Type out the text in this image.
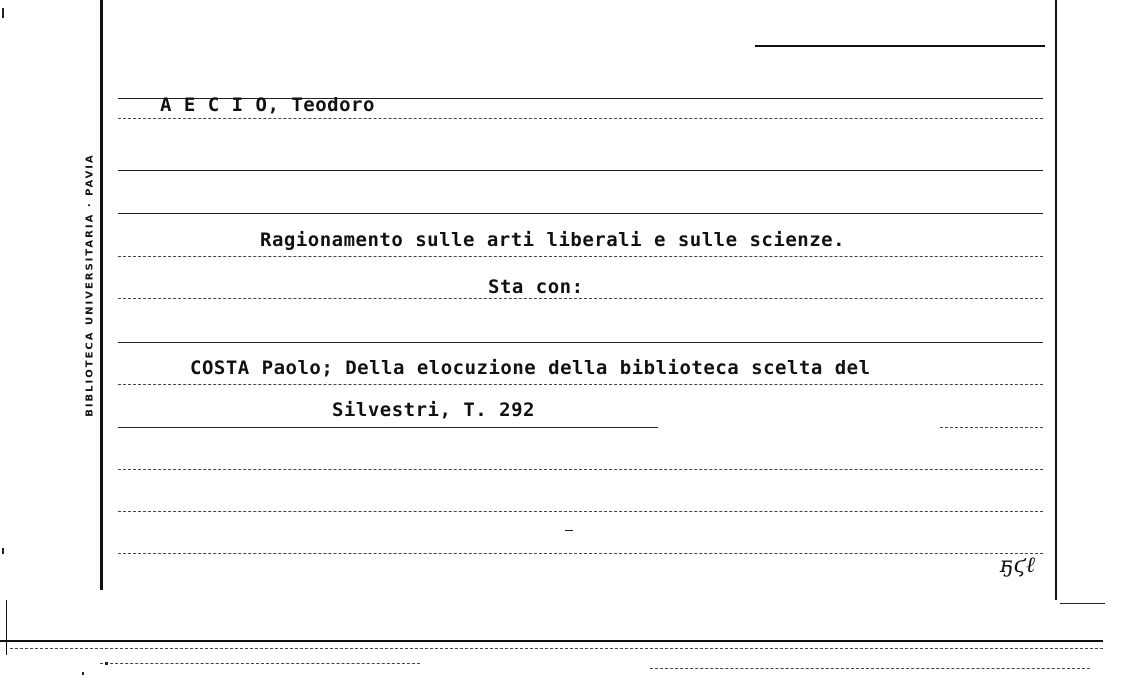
BIBLIOTECA UNIVERSITARIA · PAVIA
A E C I O, Teodoro
Ragionamento sulle arti liberali e sulle scienze.
Sta con:
COSTA Paolo; Della elocuzione della biblioteca scelta del
Silvestri, T. 292
ҕϛℓ
